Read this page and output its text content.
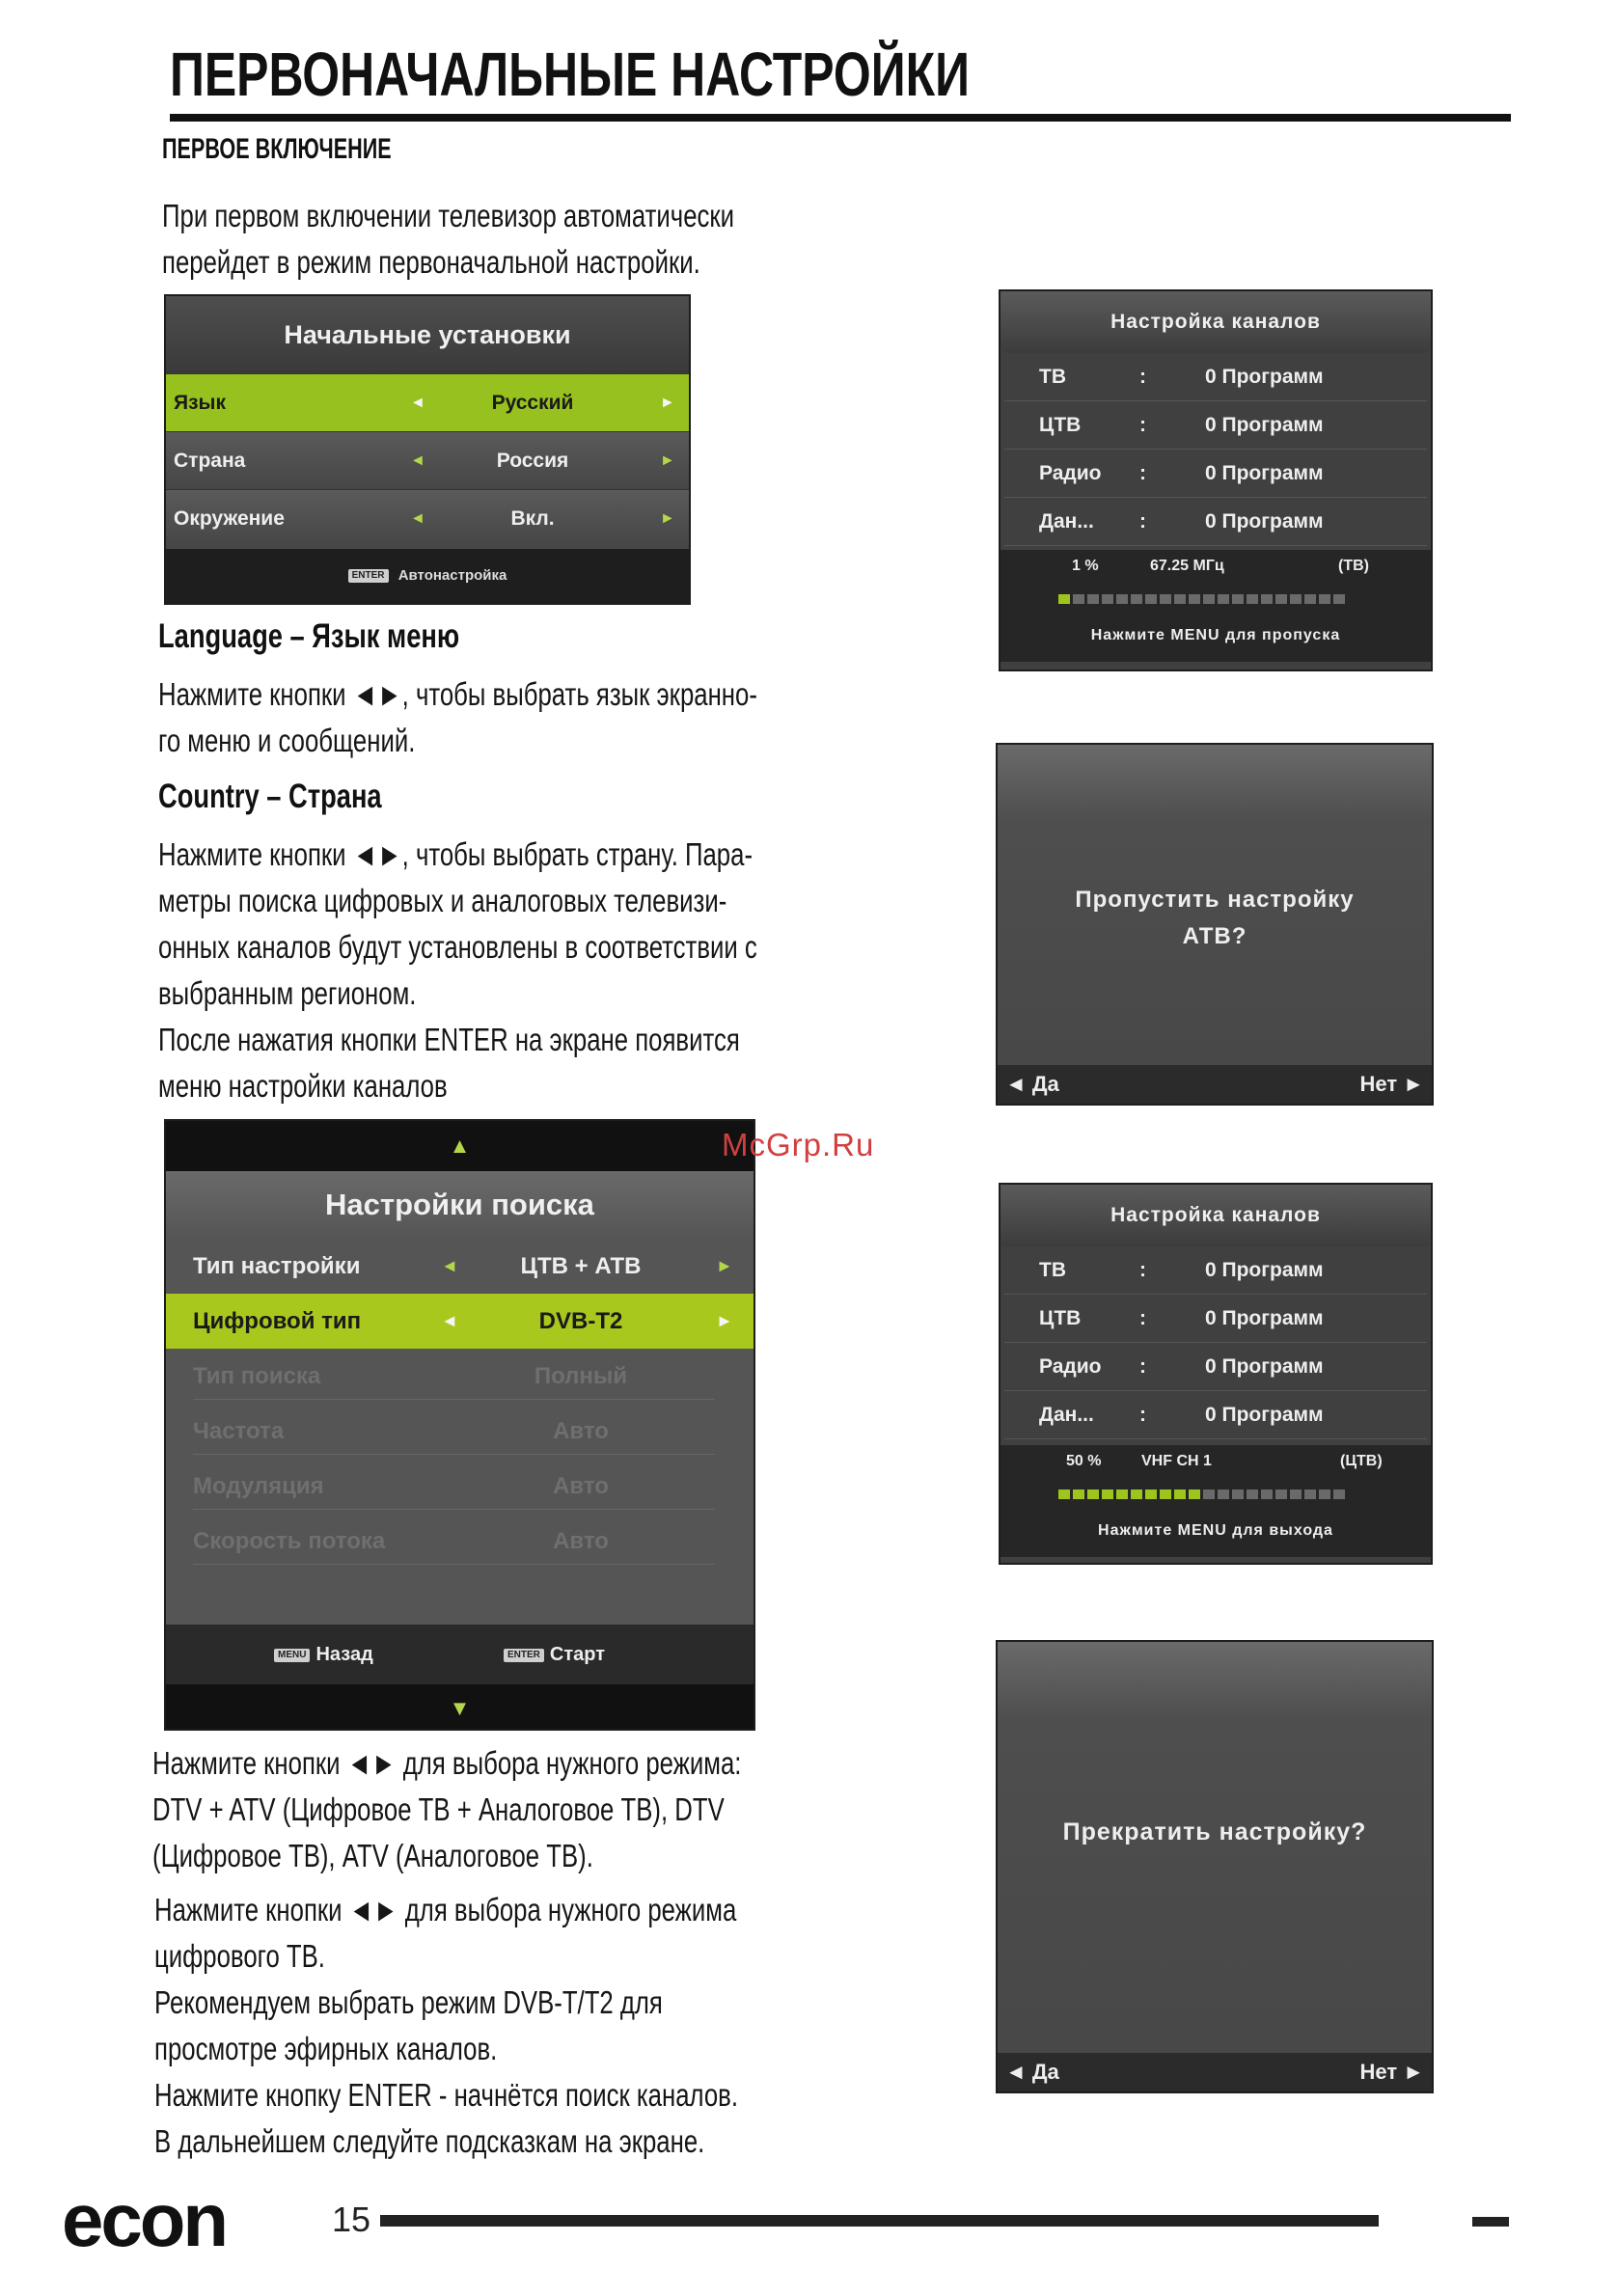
ПЕРВОНАЧАЛЬНЫЕ НАСТРОЙКИ
ПЕРВОЕ ВКЛЮЧЕНИЕ
При первом включении телевизор автоматически
перейдет в режим первоначальной настройки.
Начальные установки
Язык	◄	Русский	►
Страна	◄	Россия	►
Окружение	◄	Вкл.	►
ENTER Автонастройка
Language – Язык меню
Нажмите кнопки ◄►, чтобы выбрать язык экранно-
го меню и сообщений.
Country – Страна
Нажмите кнопки ◄►, чтобы выбрать страну. Пара-
метры поиска цифровых и аналоговых телевизи-
онных каналов будут установлены в соответствии с
выбранным регионом.
После нажатия кнопки ENTER на экране появится
меню настройки каналов
▲
Настройки поиска
Тип настройки	◄	ЦТВ + АТВ	►
Цифровой тип	◄	DVB-T2	►
Тип поиска	Полный
Частота	Авто
Модуляция	Авто
Скорость потока	Авто
MENU Назад	ENTER Старт
▼
Нажмите кнопки ◄► для выбора нужного режима:
DTV + ATV (Цифровое ТВ + Аналоговое ТВ), DTV
(Цифровое ТВ), ATV (Аналоговое ТВ).
Нажмите кнопки ◄► для выбора нужного режима
цифрового ТВ.
Рекомендуем выбрать режим DVB-T/T2 для
просмотре эфирных каналов.
Нажмите кнопку ENTER - начнётся поиск каналов.
В дальнейшем следуйте подсказкам на экране.
Настройка каналов
ТВ	:	0 Программ
ЦТВ	:	0 Программ
Радио :	0 Программ
Дан... :	0 Программ
1 %	67.25 МГц	(ТВ)
Нажмите MENU для пропуска
Пропустить настройку
АТВ?
◄ Да	Нет ►
McGrp.Ru
Настройка каналов
ТВ	:	0 Программ
ЦТВ	:	0 Программ
Радио :	0 Программ
Дан... :	0 Программ
50 %	VHF CH 1	(ЦТВ)
Нажмите MENU для выхода
Прекратить настройку?
◄ Да	Нет ►
econ	15
